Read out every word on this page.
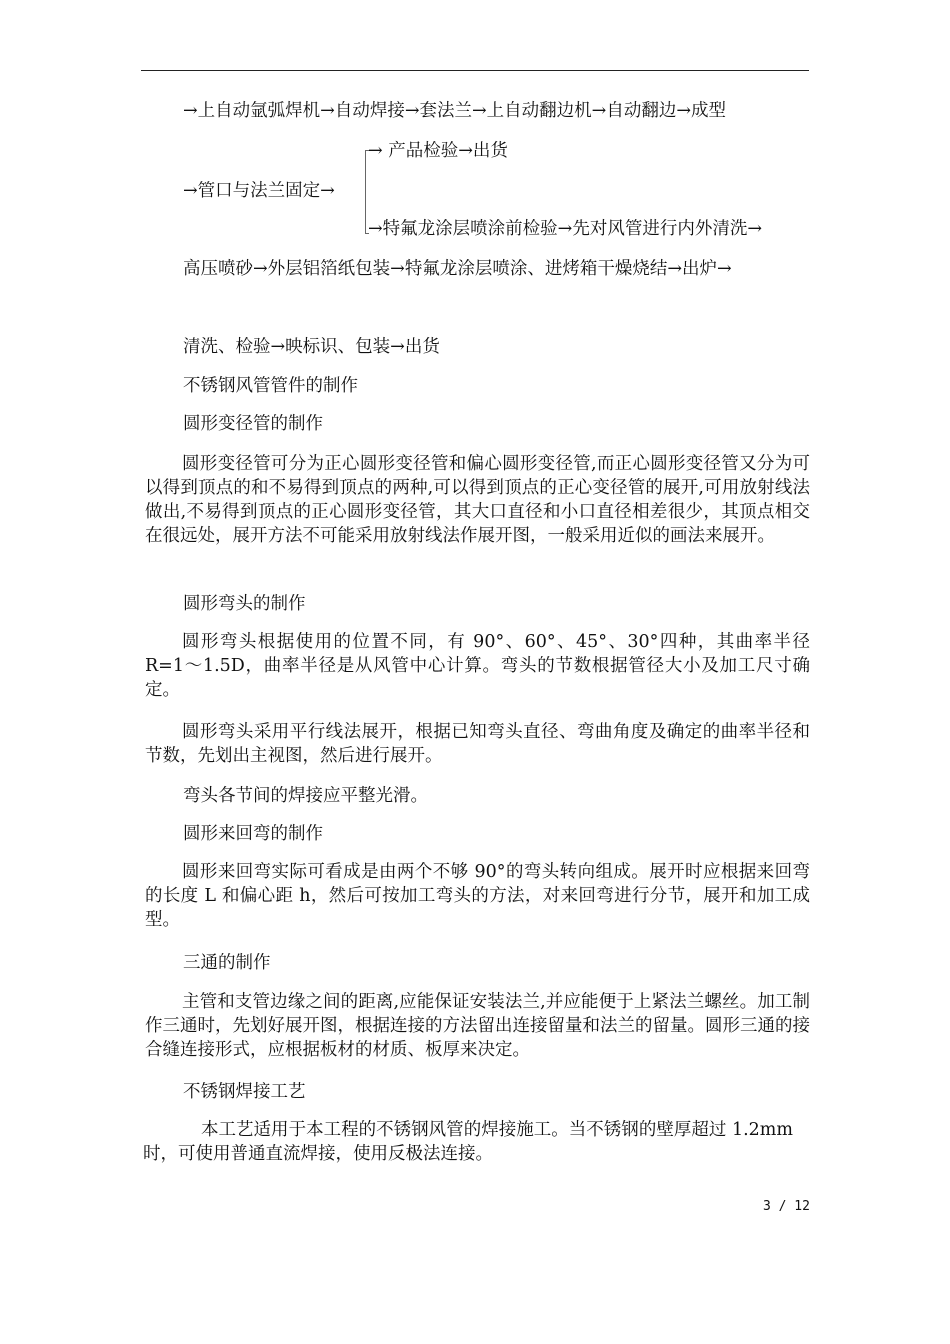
→上自动氩弧焊机→自动焊接→套法兰→上自动翻边机→自动翻边→成型
→ 产品检验→出货
→管口与法兰固定→
→特氟龙涂层喷涂前检验→先对风管进行内外清洗→
高压喷砂→外层铝箔纸包装→特氟龙涂层喷涂、进烤箱干燥烧结→出炉→
清洗、检验→映标识、包装→出货
不锈钢风管管件的制作
圆形变径管的制作
圆形变径管可分为正心圆形变径管和偏心圆形变径管,而正心圆形变径管又分为可以得到顶点的和不易得到顶点的两种,可以得到顶点的正心变径管的展开,可用放射线法做出,不易得到顶点的正心圆形变径管，其大口直径和小口直径相差很少，其顶点相交在很远处，展开方法不可能采用放射线法作展开图，一般采用近似的画法来展开。
圆形弯头的制作
圆形弯头根据使用的位置不同，有 90°、60°、45°、30°四种，其曲率半径 R=1～1.5D，曲率半径是从风管中心计算。弯头的节数根据管径大小及加工尺寸确定。
圆形弯头采用平行线法展开，根据已知弯头直径、弯曲角度及确定的曲率半径和节数，先划出主视图，然后进行展开。
弯头各节间的焊接应平整光滑。
圆形来回弯的制作
圆形来回弯实际可看成是由两个不够 90°的弯头转向组成。展开时应根据来回弯的长度 L 和偏心距 h，然后可按加工弯头的方法，对来回弯进行分节，展开和加工成型。
三通的制作
主管和支管边缘之间的距离,应能保证安装法兰,并应能便于上紧法兰螺丝。加工制作三通时，先划好展开图，根据连接的方法留出连接留量和法兰的留量。圆形三通的接合缝连接形式，应根据板材的材质、板厚来决定。
不锈钢焊接工艺
本工艺适用于本工程的不锈钢风管的焊接施工。当不锈钢的壁厚超过 1.2mm 时，可使用普通直流焊接，使用反极法连接。
3 / 12
